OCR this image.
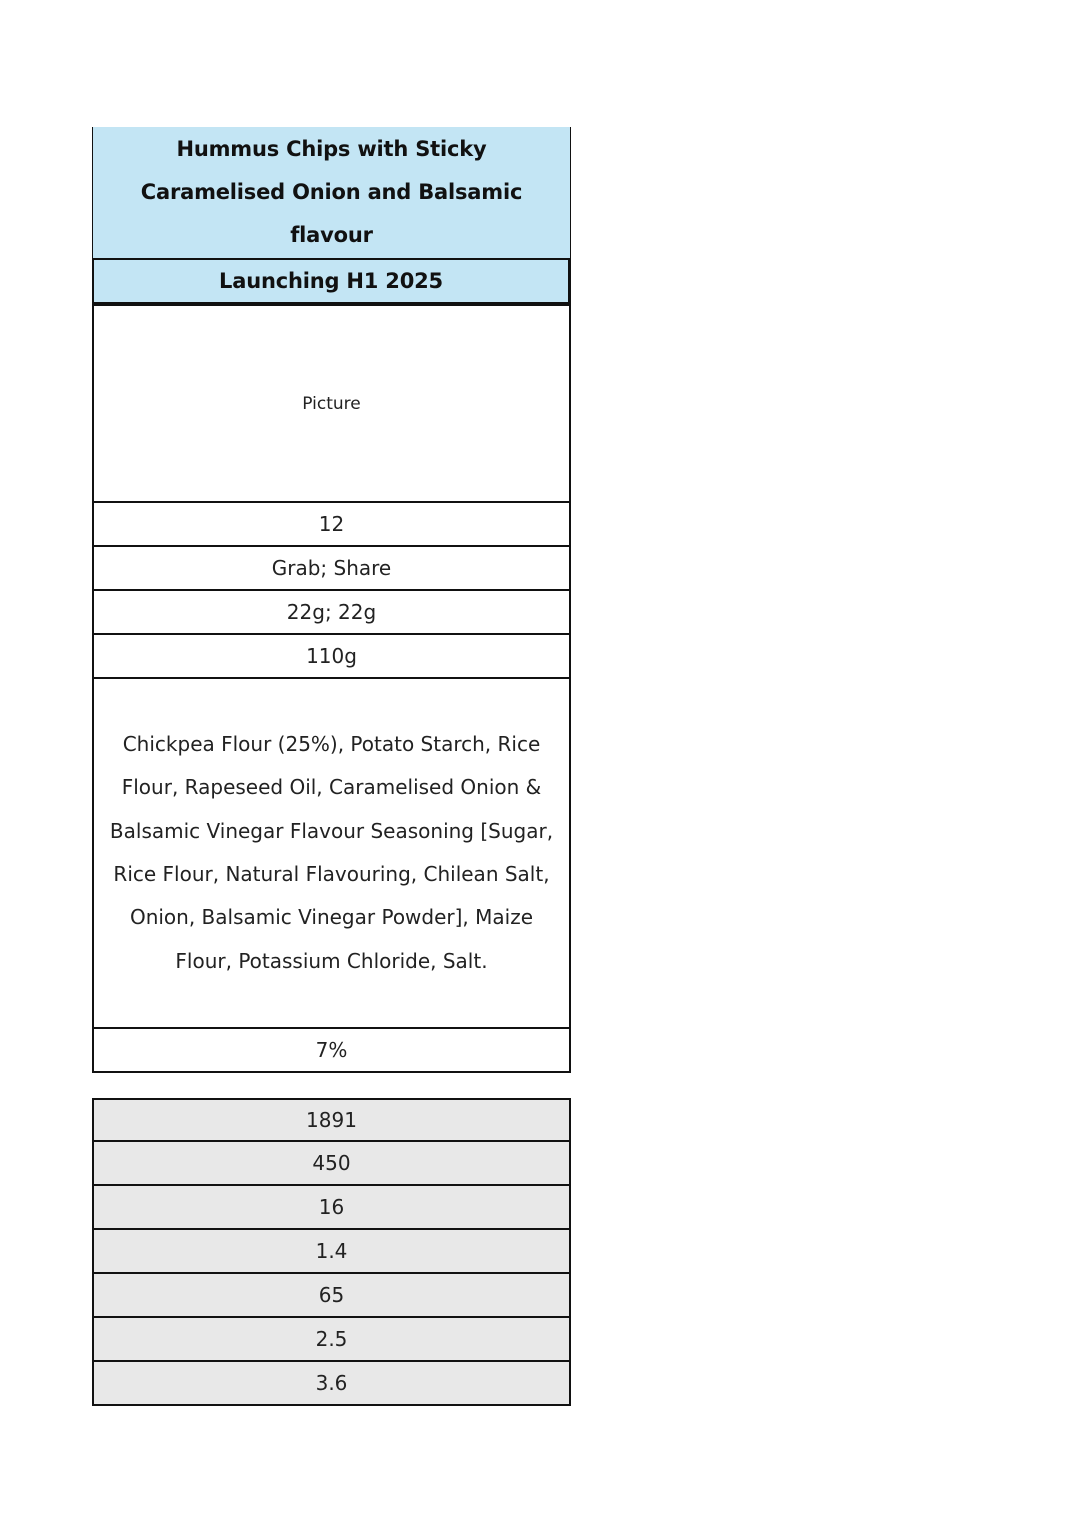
Hummus Chips with Sticky Caramelised Onion and Balsamic flavour
Launching H1 2025
Picture
12
Grab; Share
22g; 22g
110g
Chickpea Flour (25%), Potato Starch, Rice Flour, Rapeseed Oil, Caramelised Onion & Balsamic Vinegar Flavour Seasoning [Sugar, Rice Flour, Natural Flavouring, Chilean Salt, Onion, Balsamic Vinegar Powder], Maize Flour, Potassium Chloride, Salt.
7%
1891
450
16
1.4
65
2.5
3.6
